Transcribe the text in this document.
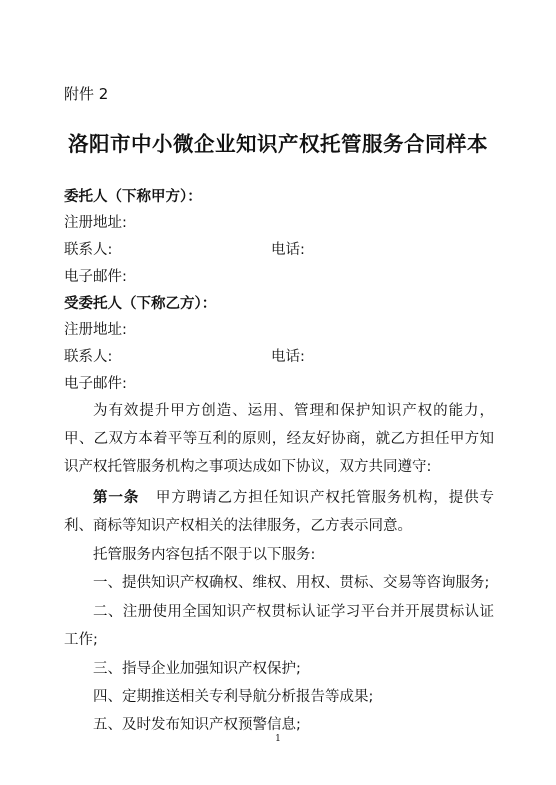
附件 2
洛阳市中小微企业知识产权托管服务合同样本
委托人（下称甲方）：
注册地址:
联系人:	电话:
电子邮件:
受委托人（下称乙方）：
注册地址:
联系人:	电话:
电子邮件:
为有效提升甲方创造、运用、管理和保护知识产权的能力，甲、乙双方本着平等互利的原则，经友好协商，就乙方担任甲方知识产权托管服务机构之事项达成如下协议，双方共同遵守:
第一条 甲方聘请乙方担任知识产权托管服务机构，提供专利、商标等知识产权相关的法律服务，乙方表示同意。
托管服务内容包括不限于以下服务:
一、提供知识产权确权、维权、用权、贯标、交易等咨询服务;
二、注册使用全国知识产权贯标认证学习平台并开展贯标认证工作;
三、指导企业加强知识产权保护;
四、定期推送相关专利导航分析报告等成果;
五、及时发布知识产权预警信息;
1
